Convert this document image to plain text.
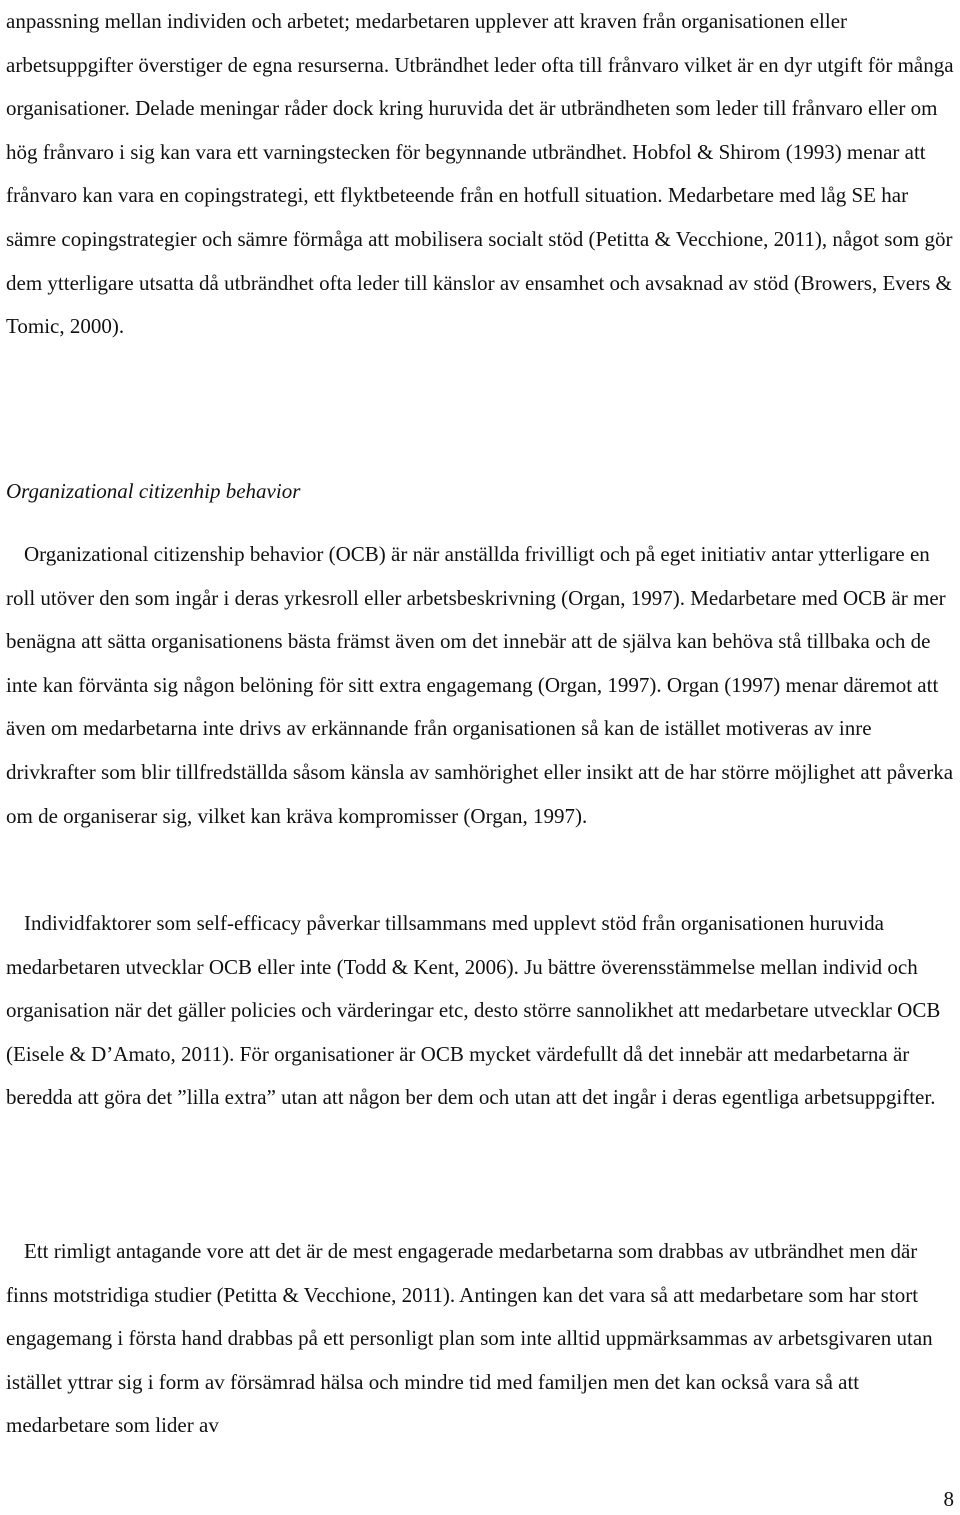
anpassning mellan individen och arbetet; medarbetaren upplever att kraven från organisationen eller arbetsuppgifter överstiger de egna resurserna. Utbrändhet leder ofta till frånvaro vilket är en dyr utgift för många organisationer. Delade meningar råder dock kring huruvida det är utbrändheten som leder till frånvaro eller om hög frånvaro i sig kan vara ett varningstecken för begynnande utbrändhet. Hobfol & Shirom (1993) menar att frånvaro kan vara en copingstrategi, ett flyktbeteende från en hotfull situation. Medarbetare med låg SE har sämre copingstrategier och sämre förmåga att mobilisera socialt stöd (Petitta & Vecchione, 2011), något som gör dem ytterligare utsatta då utbrändhet ofta leder till känslor av ensamhet och avsaknad av stöd (Browers, Evers & Tomic, 2000).

Organizational citizenhip behavior

Organizational citizenship behavior (OCB) är när anställda frivilligt och på eget initiativ antar ytterligare en roll utöver den som ingår i deras yrkesroll eller arbetsbeskrivning (Organ, 1997). Medarbetare med OCB är mer benägna att sätta organisationens bästa främst även om det innebär att de själva kan behöva stå tillbaka och de inte kan förvänta sig någon belöning för sitt extra engagemang (Organ, 1997). Organ (1997) menar däremot att även om medarbetarna inte drivs av erkännande från organisationen så kan de istället motiveras av inre drivkrafter som blir tillfredställda såsom känsla av samhörighet eller insikt att de har större möjlighet att påverka om de organiserar sig, vilket kan kräva kompromisser (Organ, 1997).

Individfaktorer som self-efficacy påverkar tillsammans med upplevt stöd från organisationen huruvida medarbetaren utvecklar OCB eller inte (Todd & Kent, 2006). Ju bättre överensstämmelse mellan individ och organisation när det gäller policies och värderingar etc, desto större sannolikhet att medarbetare utvecklar OCB (Eisele & D’Amato, 2011). För organisationer är OCB mycket värdefullt då det innebär att medarbetarna är beredda att göra det ”lilla extra” utan att någon ber dem och utan att det ingår i deras egentliga arbetsuppgifter.

Ett rimligt antagande vore att det är de mest engagerade medarbetarna som drabbas av utbrändhet men där finns motstridiga studier (Petitta & Vecchione, 2011). Antingen kan det vara så att medarbetare som har stort engagemang i första hand drabbas på ett personligt plan som inte alltid uppmärksammas av arbetsgivaren utan istället yttrar sig i form av försämrad hälsa och mindre tid med familjen men det kan också vara så att medarbetare som lider av

8
